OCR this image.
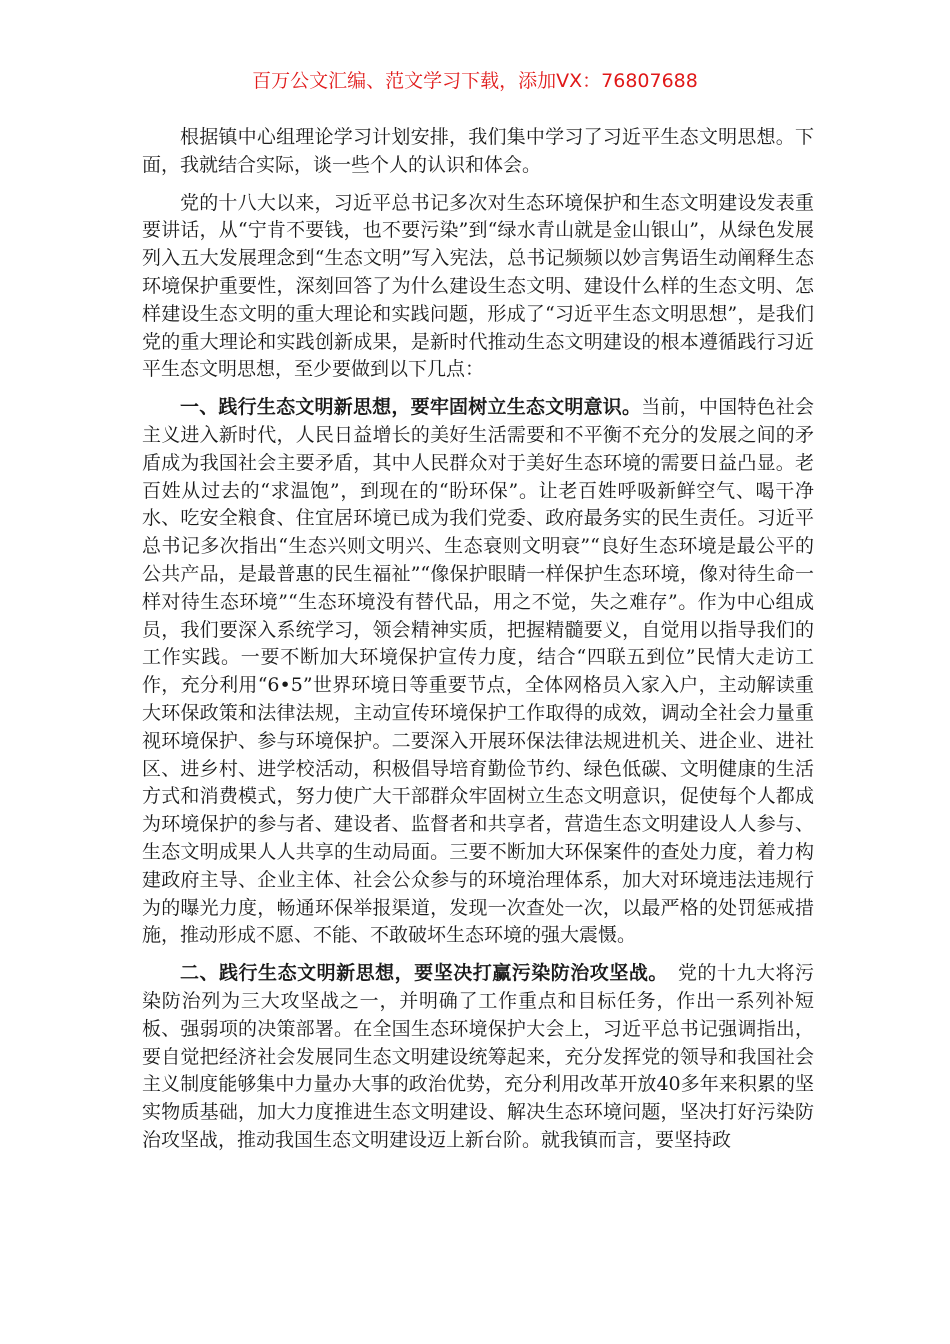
百万公文汇编、范文学习下载，添加VX：76807688

根据镇中心组理论学习计划安排，我们集中学习了习近平生态文明思想。下面，我就结合实际，谈一些个人的认识和体会。

党的十八大以来，习近平总书记多次对生态环境保护和生态文明建设发表重要讲话，从“宁肯不要钱，也不要污染”到“绿水青山就是金山银山”，从绿色发展列入五大发展理念到“生态文明”写入宪法，总书记频频以妙言隽语生动阐释生态环境保护重要性，深刻回答了为什么建设生态文明、建设什么样的生态文明、怎样建设生态文明的重大理论和实践问题，形成了“习近平生态文明思想”，是我们党的重大理论和实践创新成果，是新时代推动生态文明建设的根本遵循践行习近平生态文明思想，至少要做到以下几点：

一、践行生态文明新思想，要牢固树立生态文明意识。当前，中国特色社会主义进入新时代，人民日益增长的美好生活需要和不平衡不充分的发展之间的矛盾成为我国社会主要矛盾，其中人民群众对于美好生态环境的需要日益凸显。老百姓从过去的“求温饱”，到现在的“盼环保”。让老百姓呼吸新鲜空气、喝干净水、吃安全粮食、住宜居环境已成为我们党委、政府最务实的民生责任。习近平总书记多次指出“生态兴则文明兴、生态衰则文明衰”“良好生态环境是最公平的公共产品，是最普惠的民生福祉”“像保护眼睛一样保护生态环境，像对待生命一样对待生态环境”“生态环境没有替代品，用之不觉，失之难存”。作为中心组成员，我们要深入系统学习，领会精神实质，把握精髓要义，自觉用以指导我们的工作实践。一要不断加大环境保护宣传力度，结合“四联五到位”民情大走访工作，充分利用“6•5”世界环境日等重要节点，全体网格员入家入户，主动解读重大环保政策和法律法规，主动宣传环境保护工作取得的成效，调动全社会力量重视环境保护、参与环境保护。二要深入开展环保法律法规进机关、进企业、进社区、进乡村、进学校活动，积极倡导培育勤俭节约、绿色低碳、文明健康的生活方式和消费模式，努力使广大干部群众牢固树立生态文明意识，促使每个人都成为环境保护的参与者、建设者、监督者和共享者，营造生态文明建设人人参与、生态文明成果人人共享的生动局面。三要不断加大环保案件的查处力度，着力构建政府主导、企业主体、社会公众参与的环境治理体系，加大对环境违法违规行为的曝光力度，畅通环保举报渠道，发现一次查处一次，以最严格的处罚惩戒措施，推动形成不愿、不能、不敢破坏生态环境的强大震慑。

二、践行生态文明新思想，要坚决打赢污染防治攻坚战。　党的十九大将污染防治列为三大攻坚战之一，并明确了工作重点和目标任务，作出一系列补短板、强弱项的决策部署。在全国生态环境保护大会上，习近平总书记强调指出，要自觉把经济社会发展同生态文明建设统筹起来，充分发挥党的领导和我国社会主义制度能够集中力量办大事的政治优势，充分利用改革开放40多年来积累的坚实物质基础，加大力度推进生态文明建设、解决生态环境问题，坚决打好污染防治攻坚战，推动我国生态文明建设迈上新台阶。就我镇而言，要坚持政
